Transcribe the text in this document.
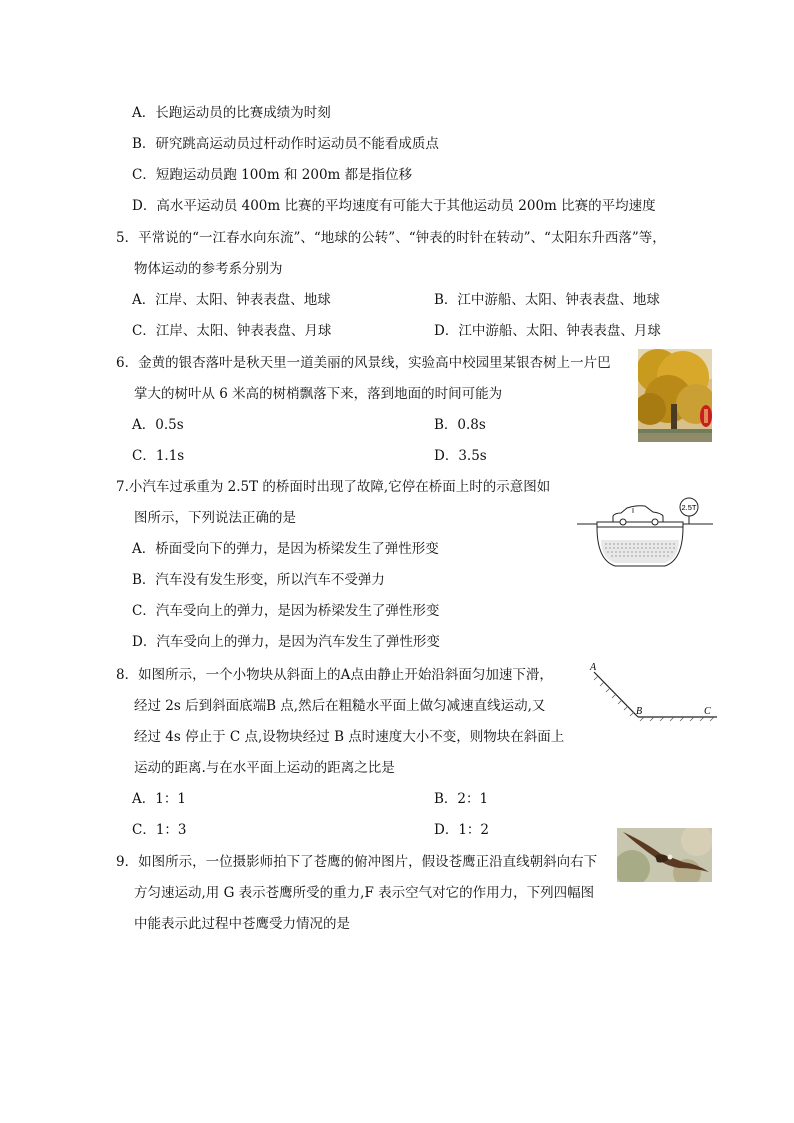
A．长跑运动员的比赛成绩为时刻
B．研究跳高运动员过杆动作时运动员不能看成质点
C．短跑运动员跑 100m 和 200m 都是指位移
D．高水平运动员 400m 比赛的平均速度有可能大于其他运动员 200m 比赛的平均速度
5．平常说的“一江春水向东流”、“地球的公转”、“钟表的时针在转动”、“太阳东升西落”等，
物体运动的参考系分别为
A．江岸、太阳、钟表表盘、地球	B．江中游船、太阳、钟表表盘、地球
C．江岸、太阳、钟表表盘、月球	D．江中游船、太阳、钟表表盘、月球
6．金黄的银杏落叶是秋天里一道美丽的风景线，实验高中校园里某银杏树上一片巴
掌大的树叶从 6 米高的树梢飘落下来，落到地面的时间可能为
A．0.5s	B．0.8s
C．1.1s	D．3.5s
7.小汽车过承重为 2.5T 的桥面时出现了故障,它停在桥面上时的示意图如
图所示，下列说法正确的是
A．桥面受向下的弹力，是因为桥梁发生了弹性形变
B．汽车没有发生形变，所以汽车不受弹力
C．汽车受向上的弹力，是因为桥梁发生了弹性形变
D．汽车受向上的弹力，是因为汽车发生了弹性形变
2.5T
8．如图所示，一个小物块从斜面上的A点由静止开始沿斜面匀加速下滑，
经过 2s 后到斜面底端B 点,然后在粗糙水平面上做匀减速直线运动,又
经过 4s 停止于 C 点,设物块经过 B 点时速度大小不变，则物块在斜面上
运动的距离.与在水平面上运动的距离之比是
A．1：1	B．2：1
C．1：3	D．1：2
A
B	C
9．如图所示，一位摄影师拍下了苍鹰的俯冲图片，假设苍鹰正沿直线朝斜向右下
方匀速运动,用 G 表示苍鹰所受的重力,F 表示空气对它的作用力，下列四幅图
中能表示此过程中苍鹰受力情况的是
